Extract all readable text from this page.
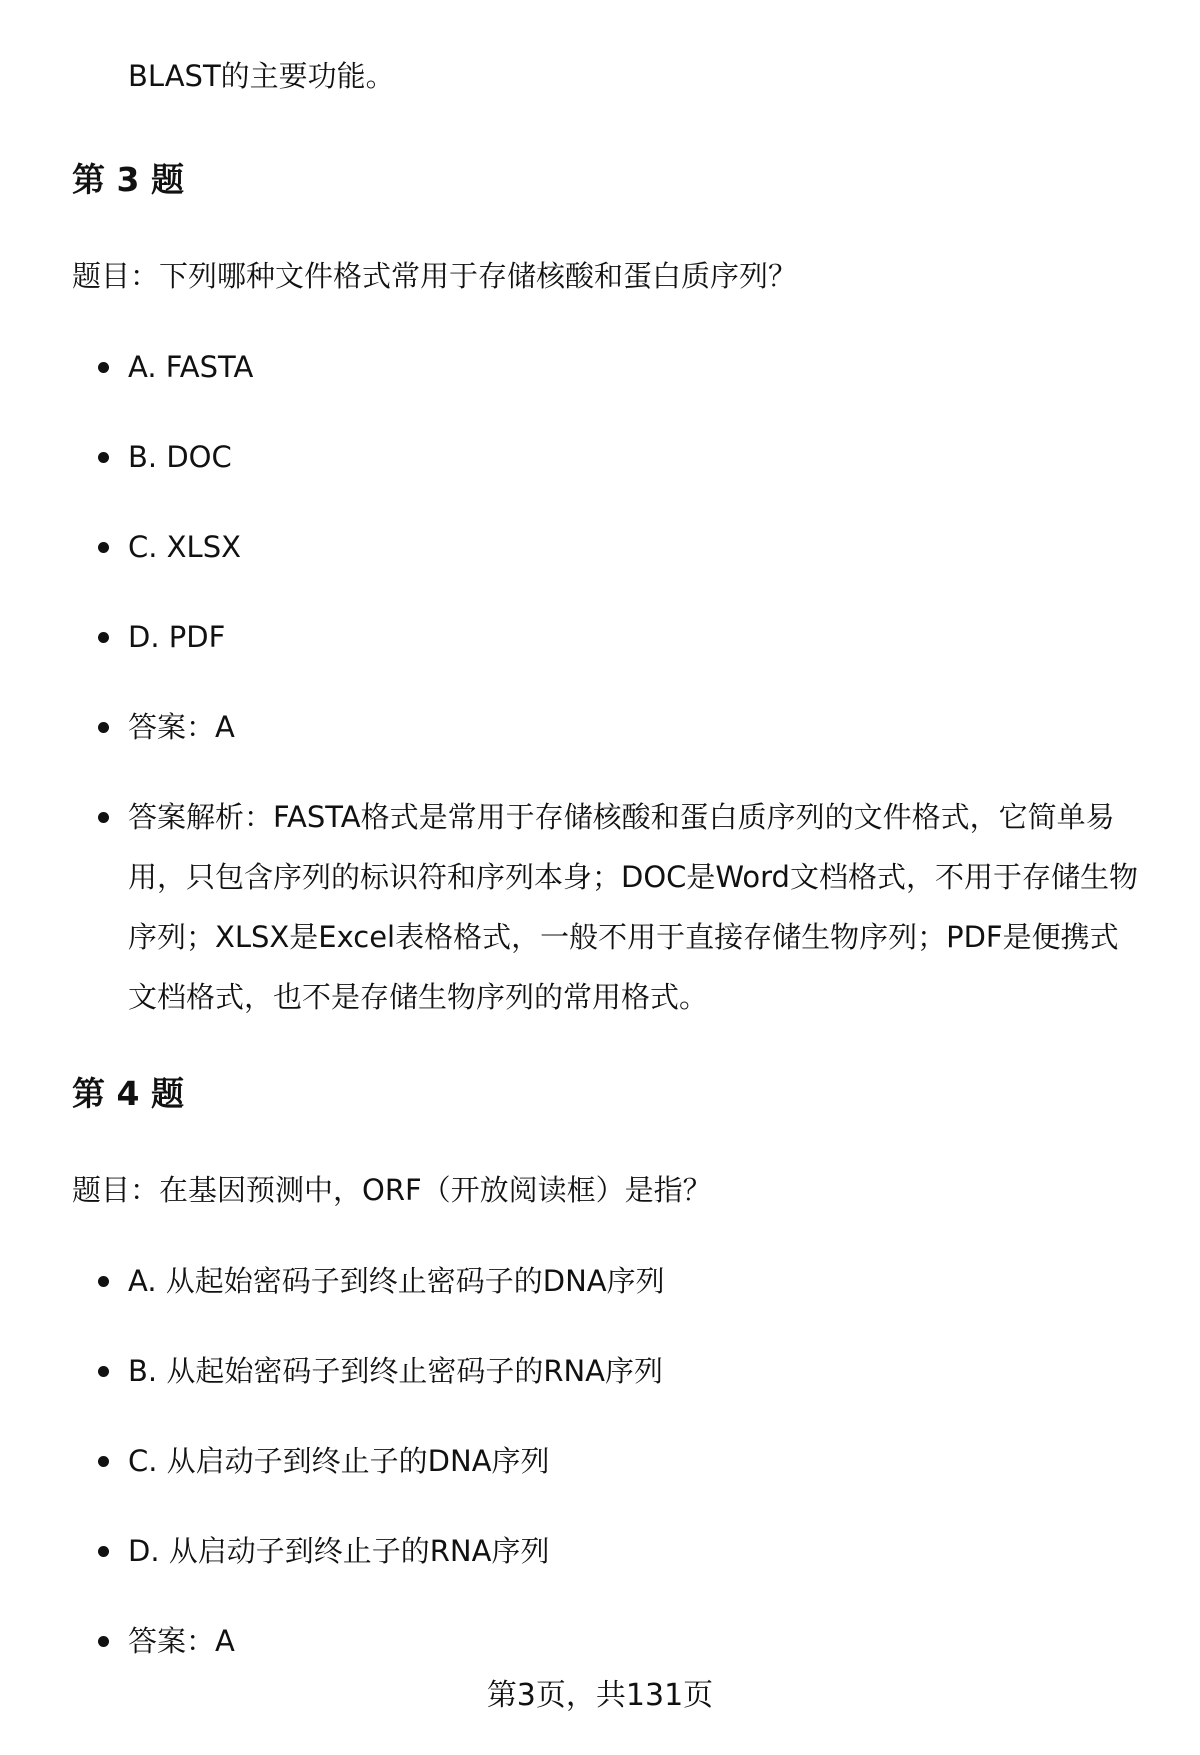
BLAST的主要功能。

第 3 题

题目：下列哪种文件格式常用于存储核酸和蛋白质序列？

A. FASTA
B. DOC
C. XLSX
D. PDF
答案：A
答案解析：FASTA格式是常用于存储核酸和蛋白质序列的文件格式，它简单易用，只包含序列的标识符和序列本身；DOC是Word文档格式，不用于存储生物序列；XLSX是Excel表格格式，一般不用于直接存储生物序列；PDF是便携式文档格式，也不是存储生物序列的常用格式。
第 4 题

题目：在基因预测中，ORF（开放阅读框）是指？

A. 从起始密码子到终止密码子的DNA序列
B. 从起始密码子到终止密码子的RNA序列
C. 从启动子到终止子的DNA序列
D. 从启动子到终止子的RNA序列
答案：A
第3页，共131页
